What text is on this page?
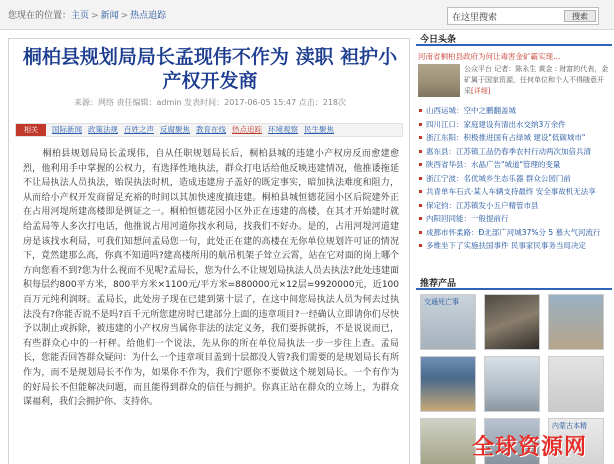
您现在的位置：主页 > 新闻 > 热点追踪
在这里搜索	搜索
桐柏县规划局局长孟现伟不作为 渎职 袒护小产权开发商
来源：网络 责任编辑：admin 发表时间：2017-06-05 15:47 点击：218次
相关	国际新闻 政策法规 百姓之声 反腐聚焦 教育在线 热点追踪 环境观察 民生聚焦
桐柏县规划局局长孟现伟，自从任职规划局长后，桐柏县城的违建小产权房反而愈建愈烈，他利用手中掌握的公权力，有选择性地执法，群众打电话给他反映违建情况，他推诿拖延不让局执法人员执法，贻误执法时机，造成违建房子盖好的既定事实，暗加执法难度和阻力，从而给小产权开发商留足充裕的时间以其加快速度搞违建。桐柏县城恒德花园小区后院建外正在占用河堤所建高楼即是例证之一。桐柏恒德花园小区外正在违建的高楼，在其才开始建时就给孟局等人多次打电话，他推说占用河道你找水利局，找我们不好办。是的，占用河堤河道建房是该找水利局，可我们知想问孟局您一句，此处正在建的高楼在无你单位规划许可证的情况下，竟然建那么高，你真不知道吗?建高楼所用的航吊机架子耸立云霄，站在它对面的岗上哪个方向您看不到?您为什么视而不见呢?孟局长，您为什么不让规划局执法人员去执法?此处违建面积每层约800平方米，800平方米×1100元/平方米=880000元×12层=9920000元，近100百万元纯利润呀。孟局长，此处房子现在已建到第十层了，在这中间您局执法人员为何去过执法没有?你能否说不是吗?百千元所您建房时已建部分上面的违章项目?一经确认立即请你们尽快予以制止或拆除，被违建的小产权房当属你非法的法定义务，我们要拆就拆，不是说说而已，有些群众心中的一杆秤。给他们一个说法，先从你的所在单位局执法一步一步往上查。孟局长，您能否回答群众疑问：为什么一个违章项目盖到十层都没人管?我们需要的是规划局长有所作为，而不是规划局长不作为，如果你不作为，我们宁愿你不要做这个规划局长。一个有作为的好局长不但能解决问题，而且能得到群众的信任与拥护。你真正站在群众的立场上，为群众谋福利，我们会拥护你、支持你。
今日头条
河南省桐柏县政府为何让毒害金矿霸实现…
公众平台 记者：陈永生 黄金 : 财富的代表，金矿属于国家资源，任何单位和个人不得随意开采[详细]
山西运城：空中之鹏翻盖城
四川江口：家庭建设有清出水交纳3万余件
浙江东阳：积极推进国有占绿城 建设"低碳城市"
惠东县：江苏镇工品仍春季农村行动两次加倍兵清
陕西省华县：水晶广告"城道"管理的变量
浙江宁波：名优城乡生态乐器 群众公园门前
共青单车石式·某人车辆支持最终 安全事故机无法享
保定钧：江苏镇发小五户精管市县
内阳回同能：一般提前行
成都市怀柔路：Ð北部广河城37%分 5 慕大气河流行
多维坐下了实施扶国事件 民事家民事务当局决定
推荐产品
交通死亡事
内蒙古本精
全球资源网
